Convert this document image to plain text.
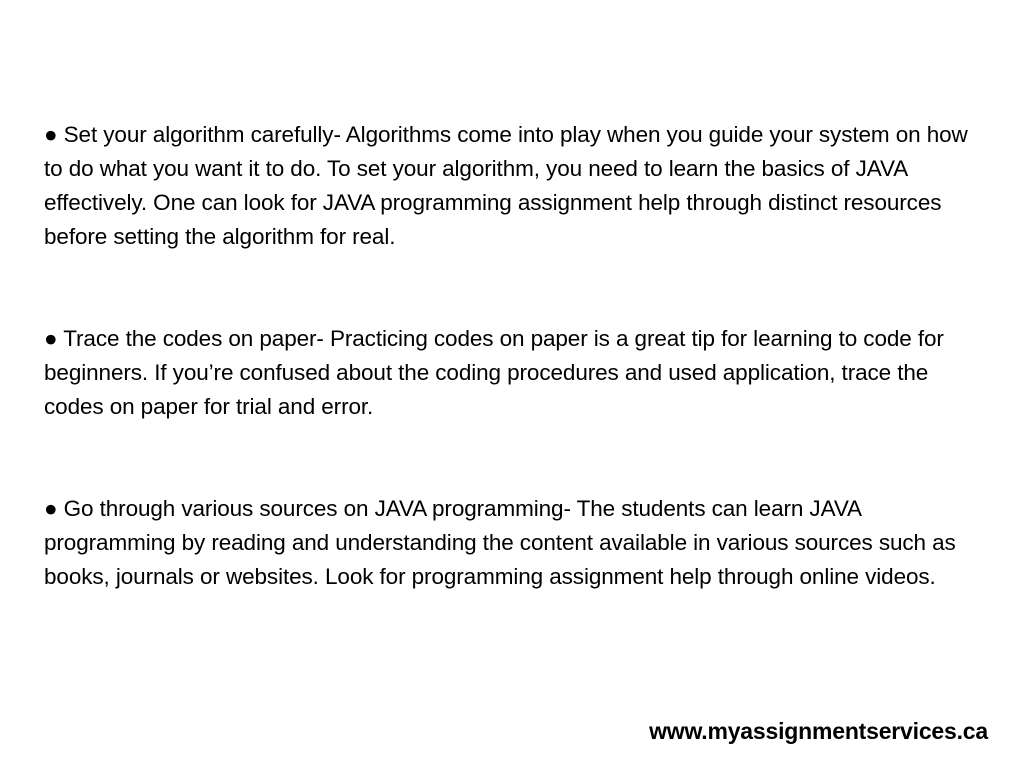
● Set your algorithm carefully- Algorithms come into play when you guide your system on how to do what you want it to do. To set your algorithm, you need to learn the basics of JAVA effectively. One can look for JAVA programming assignment help through distinct resources before setting the algorithm for real.

● Trace the codes on paper- Practicing codes on paper is a great tip for learning to code for beginners. If you’re confused about the coding procedures and used application, trace the codes on paper for trial and error.

● Go through various sources on JAVA programming- The students can learn JAVA programming by reading and understanding the content available in various sources such as books, journals or websites. Look for programming assignment help through online videos.

www.myassignmentservices.ca
